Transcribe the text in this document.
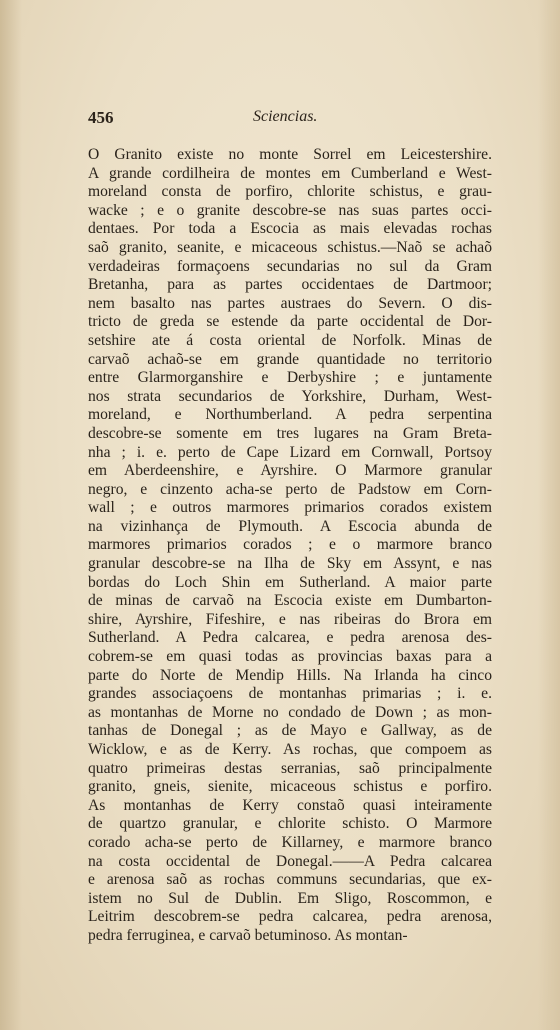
456	Sciencias.
O Granito existe no monte Sorrel em Leicestershire.
A grande cordilheira de montes em Cumberland e West-
moreland consta de porfiro, chlorite schistus, e grau-
wacke ; e o granite descobre-se nas suas partes occi-
dentaes. Por toda a Escocia as mais elevadas rochas
saõ granito, seanite, e micaceous schistus.—Naõ se achaõ
verdadeiras formaçoens secundarias no sul da Gram
Bretanha, para as partes occidentaes de Dartmoor;
nem basalto nas partes austraes do Severn. O dis-
tricto de greda se estende da parte occidental de Dor-
setshire ate á costa oriental de Norfolk. Minas de
carvaõ achaõ-se em grande quantidade no territorio
entre Glarmorganshire e Derbyshire ; e juntamente
nos strata secundarios de Yorkshire, Durham, West-
moreland, e Northumberland. A pedra serpentina
descobre-se somente em tres lugares na Gram Breta-
nha ; i. e. perto de Cape Lizard em Cornwall, Portsoy
em Aberdeenshire, e Ayrshire. O Marmore granular
negro, e cinzento acha-se perto de Padstow em Corn-
wall ; e outros marmores primarios corados existem
na vizinhança de Plymouth. A Escocia abunda de
marmores primarios corados ; e o marmore branco
granular descobre-se na Ilha de Sky em Assynt, e nas
bordas do Loch Shin em Sutherland. A maior parte
de minas de carvaõ na Escocia existe em Dumbarton-
shire, Ayrshire, Fifeshire, e nas ribeiras do Brora em
Sutherland. A Pedra calcarea, e pedra arenosa des-
cobrem-se em quasi todas as provincias baxas para a
parte do Norte de Mendip Hills. Na Irlanda ha cinco
grandes associaçoens de montanhas primarias ; i. e.
as montanhas de Morne no condado de Down ; as mon-
tanhas de Donegal ; as de Mayo e Gallway, as de
Wicklow, e as de Kerry. As rochas, que compoem as
quatro primeiras destas serranias, saõ principalmente
granito, gneis, sienite, micaceous schistus e porfiro.
As montanhas de Kerry constaõ quasi inteiramente
de quartzo granular, e chlorite schisto. O Marmore
corado acha-se perto de Killarney, e marmore branco
na costa occidental de Donegal.——A Pedra calcarea
e arenosa saõ as rochas communs secundarias, que ex-
istem no Sul de Dublin. Em Sligo, Roscommon, e
Leitrim descobrem-se pedra calcarea, pedra arenosa,
pedra ferruginea, e carvaõ betuminoso. As montan-
